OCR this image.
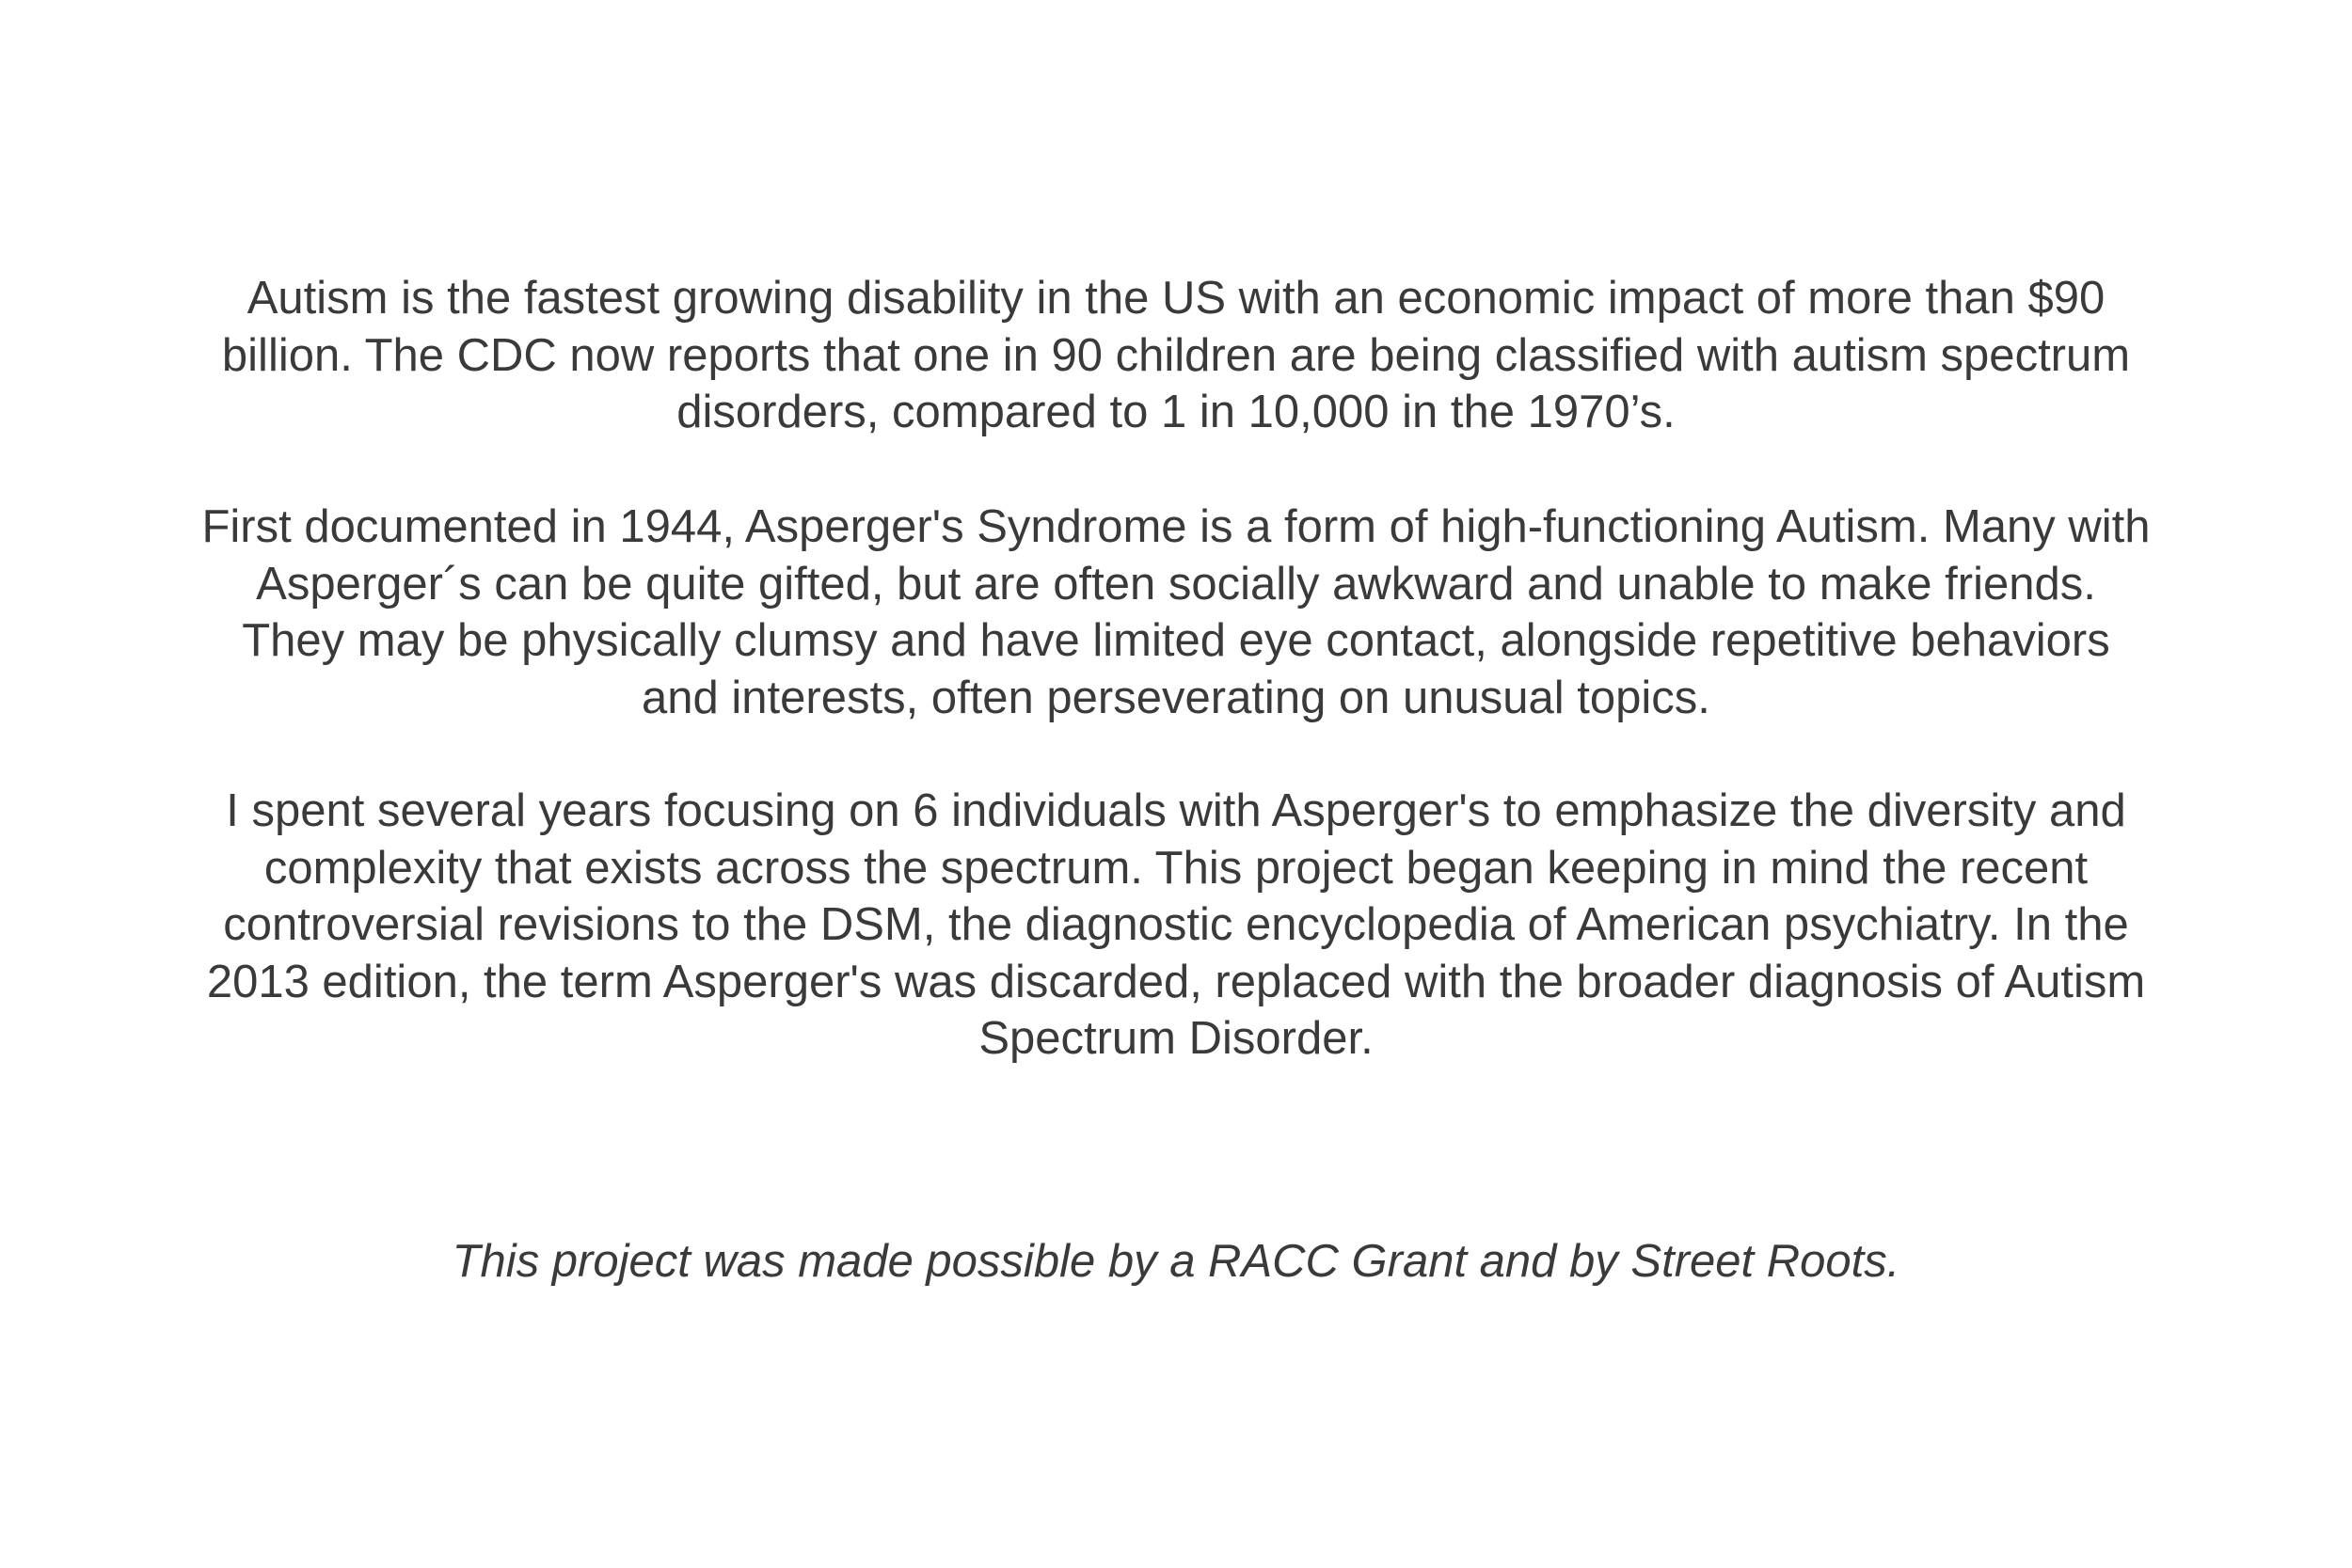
Autism is the fastest growing disability in the US with an economic impact of more than $90
billion. The CDC now reports that one in 90 children are being classified with autism spectrum
disorders, compared to 1 in 10,000 in the 1970’s.
First documented in 1944, Asperger's Syndrome is a form of high-functioning Autism. Many with
Asperger´s can be quite gifted, but are often socially awkward and unable to make friends.
They may be physically clumsy and have limited eye contact, alongside repetitive behaviors
and interests, often perseverating on unusual topics.
I spent several years focusing on 6 individuals with Asperger's to emphasize the diversity and
complexity that exists across the spectrum. This project began keeping in mind the recent
controversial revisions to the DSM, the diagnostic encyclopedia of American psychiatry. In the
2013 edition, the term Asperger's was discarded, replaced with the broader diagnosis of Autism
Spectrum Disorder.
This project was made possible by a RACC Grant and by Street Roots.
